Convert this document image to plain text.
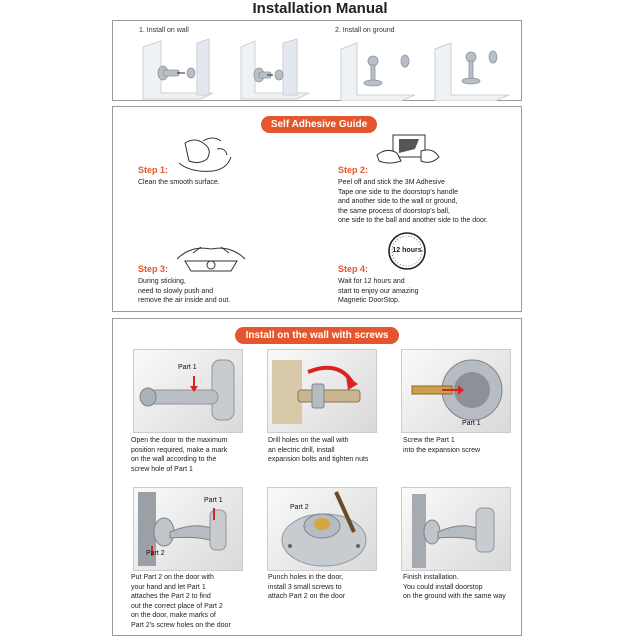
Installation Manual
1. Install on wall	2. Install on ground
Self Adhesive Guide
Step 1:
Clean the smooth surface.
Step 2:
Peel off and stick the 3M Adhesive
Tape one side to the doorstop's handle
and another side to the wall or ground,
the same process of doorstop's ball,
one side to the ball and another side to the door.
Step 3:
During sticking,
need to slowly push and
remove the air inside and out.
12 hours
Step 4:
Wait for 12 hours and
start to enjoy our amazing
Magnetic DoorStop.
Install on the wall with screws
Part 1
Part 1
Open the door to the maximum
position required, make a mark
on the wall according to the
screw hole of Part 1
Drill holes on the wall with
an electric drill, install
expansion bolts and tighten nuts
Screw the Part 1
into the expansion screw
Part 1
Part 2
Part 2
Put Part 2 on the door with
your hand and let Part 1
attaches the Part 2 to find
out the correct place of Part 2
on the door, make marks of
Part 2's screw holes on the door
Punch holes in the door,
install 3 small screws to
attach Part 2 on the door
Finish installation.
You could install doorstop
on the ground with the same way
